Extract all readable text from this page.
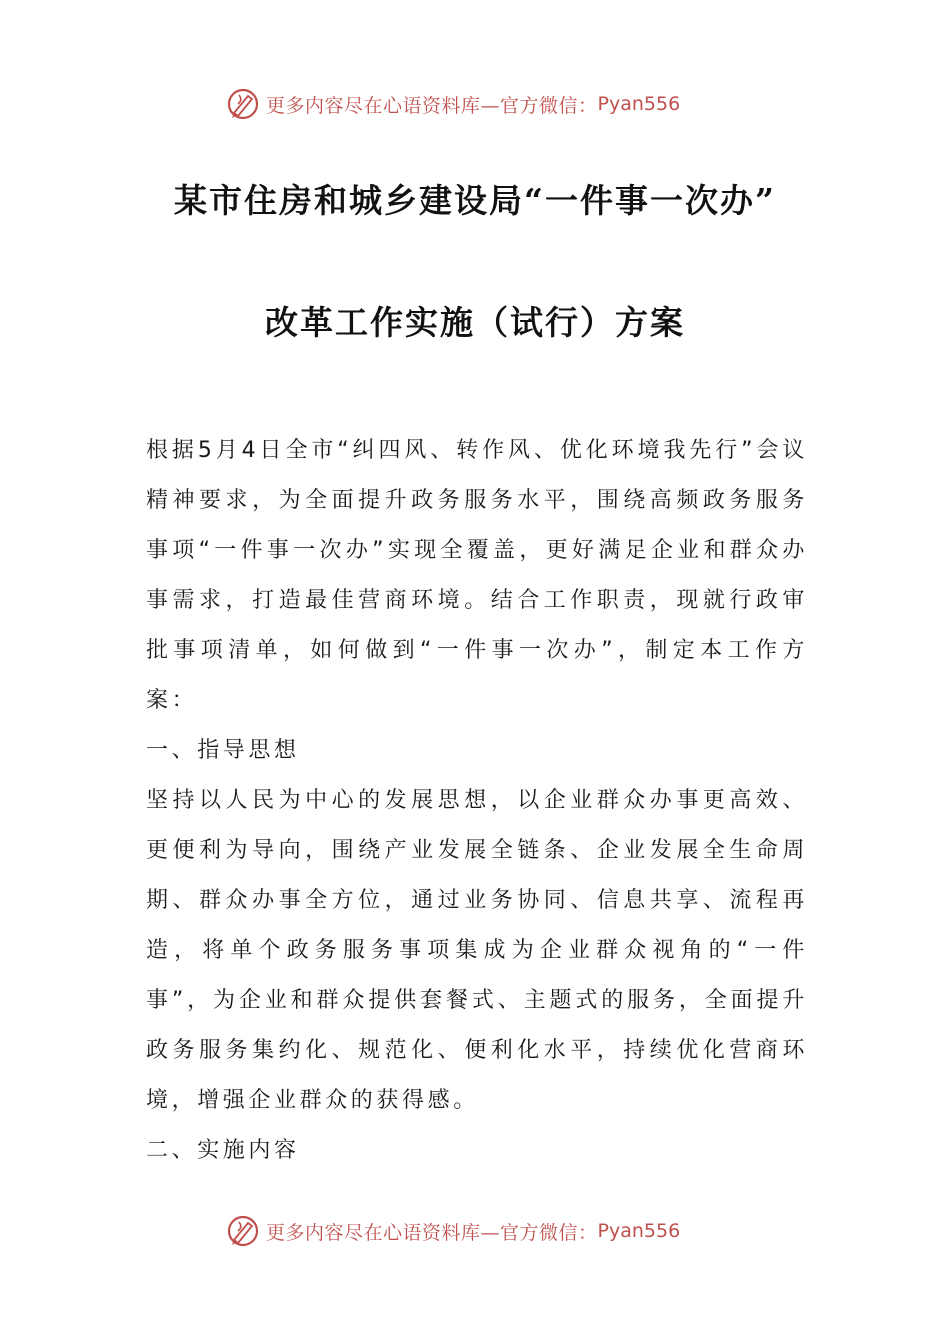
更多内容尽在心语资料库—官方微信： Pyan556
某市住房和城乡建设局“一件事一次办”
改革工作实施（试行）方案

根据5月4日全市“纠四风、转作风、优化环境我先行”会议精神要求，为全面提升政务服务水平，围绕高频政务服务事项“一件事一次办”实现全覆盖，更好满足企业和群众办事需求，打造最佳营商环境。结合工作职责，现就行政审批事项清单，如何做到“一件事一次办”，制定本工作方案：

一、指导思想

坚持以人民为中心的发展思想，以企业群众办事更高效、更便利为导向，围绕产业发展全链条、企业发展全生命周期、群众办事全方位，通过业务协同、信息共享、流程再造，将单个政务服务事项集成为企业群众视角的“一件事”，为企业和群众提供套餐式、主题式的服务，全面提升政务服务集约化、规范化、便利化水平，持续优化营商环境，增强企业群众的获得感。

二、实施内容

更多内容尽在心语资料库—官方微信： Pyan556
